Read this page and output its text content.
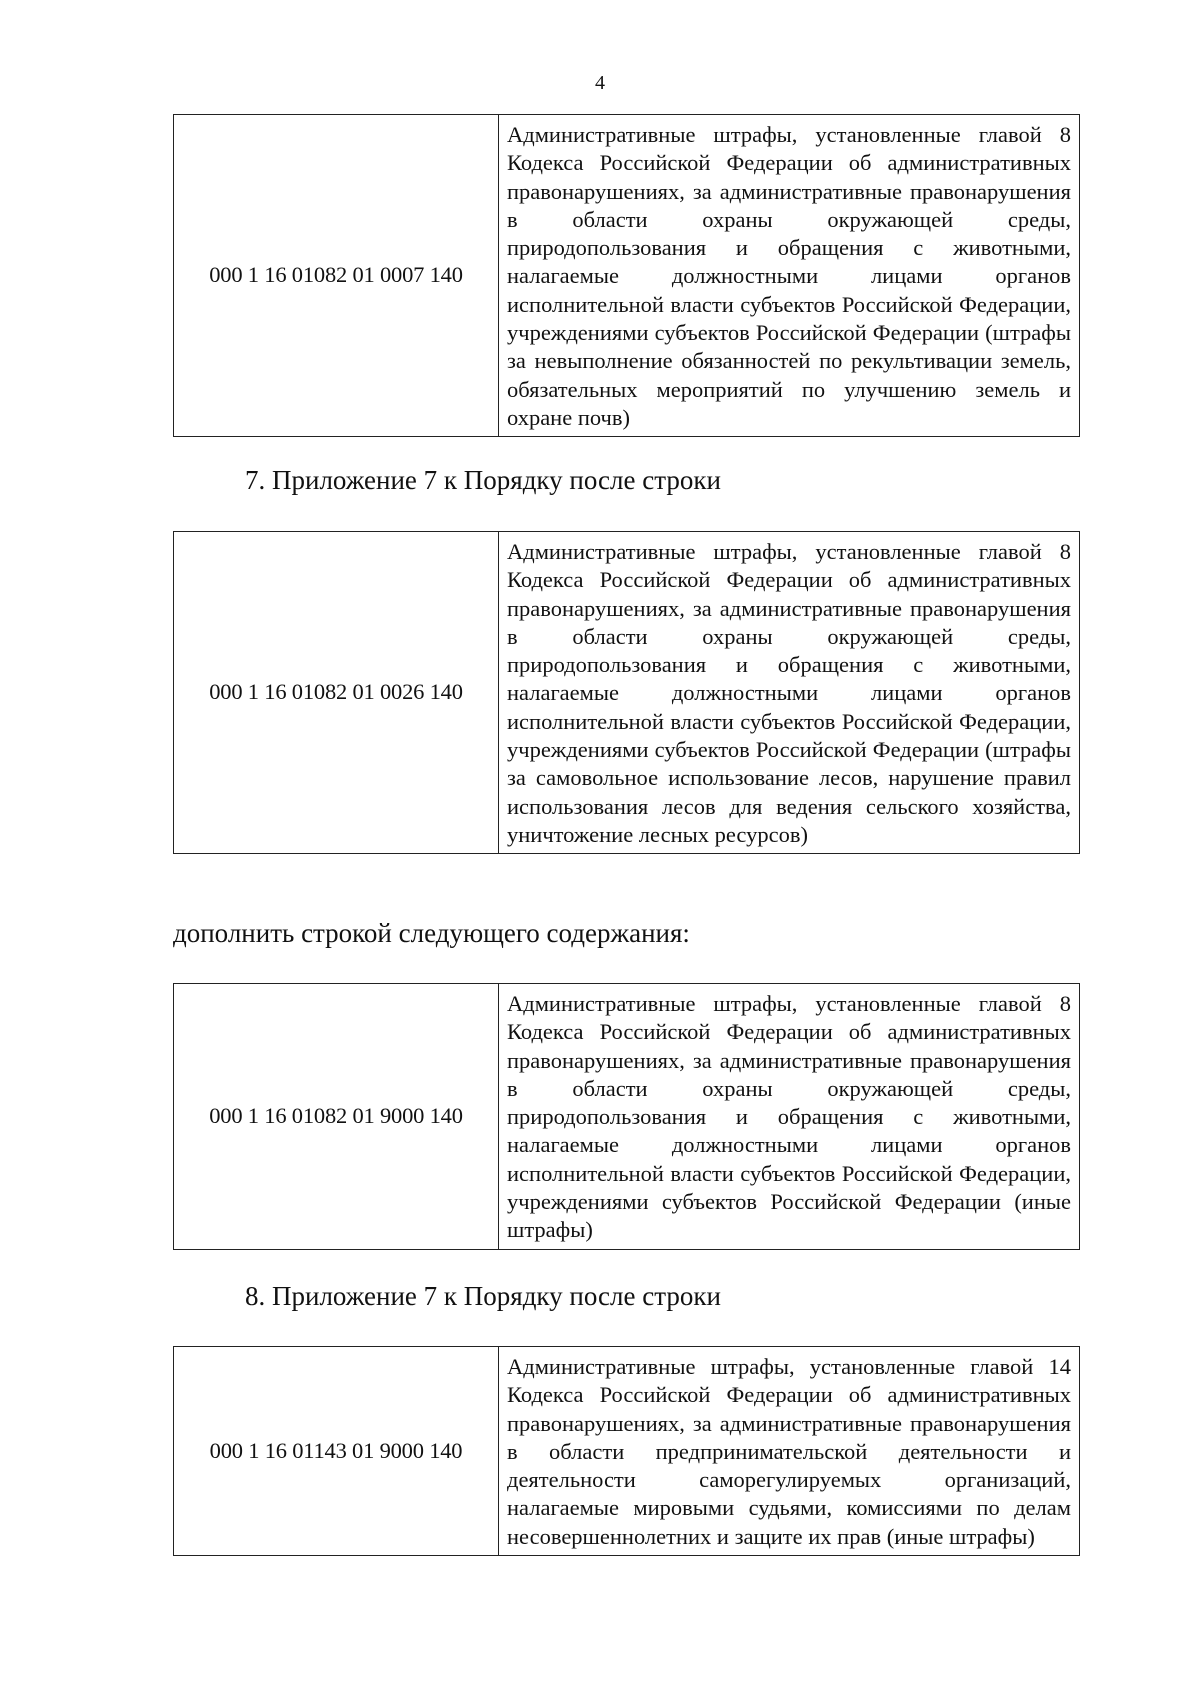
4
000 1 16 01082 01 0007 140	Административные штрафы, установленные главой 8 Кодекса Российской Федерации об административных правонарушениях, за административные правонарушения в области охраны окружающей среды, природопользования и обращения с животными, налагаемые должностными лицами органов исполнительной власти субъектов Российской Федерации, учреждениями субъектов Российской Федерации (штрафы за невыполнение обязанностей по рекультивации земель, обязательных мероприятий по улучшению земель и охране почв)
7. Приложение 7 к Порядку после строки
000 1 16 01082 01 0026 140	Административные штрафы, установленные главой 8 Кодекса Российской Федерации об административных правонарушениях, за административные правонарушения в области охраны окружающей среды, природопользования и обращения с животными, налагаемые должностными лицами органов исполнительной власти субъектов Российской Федерации, учреждениями субъектов Российской Федерации (штрафы за самовольное использование лесов, нарушение правил использования лесов для ведения сельского хозяйства, уничтожение лесных ресурсов)
дополнить строкой следующего содержания:
000 1 16 01082 01 9000 140	Административные штрафы, установленные главой 8 Кодекса Российской Федерации об административных правонарушениях, за административные правонарушения в области охраны окружающей среды, природопользования и обращения с животными, налагаемые должностными лицами органов исполнительной власти субъектов Российской Федерации, учреждениями субъектов Российской Федерации (иные штрафы)
8. Приложение 7 к Порядку после строки
000 1 16 01143 01 9000 140	Административные штрафы, установленные главой 14 Кодекса Российской Федерации об административных правонарушениях, за административные правонарушения в области предпринимательской деятельности и деятельности саморегулируемых организаций, налагаемые мировыми судьями, комиссиями по делам несовершеннолетних и защите их прав (иные штрафы)
